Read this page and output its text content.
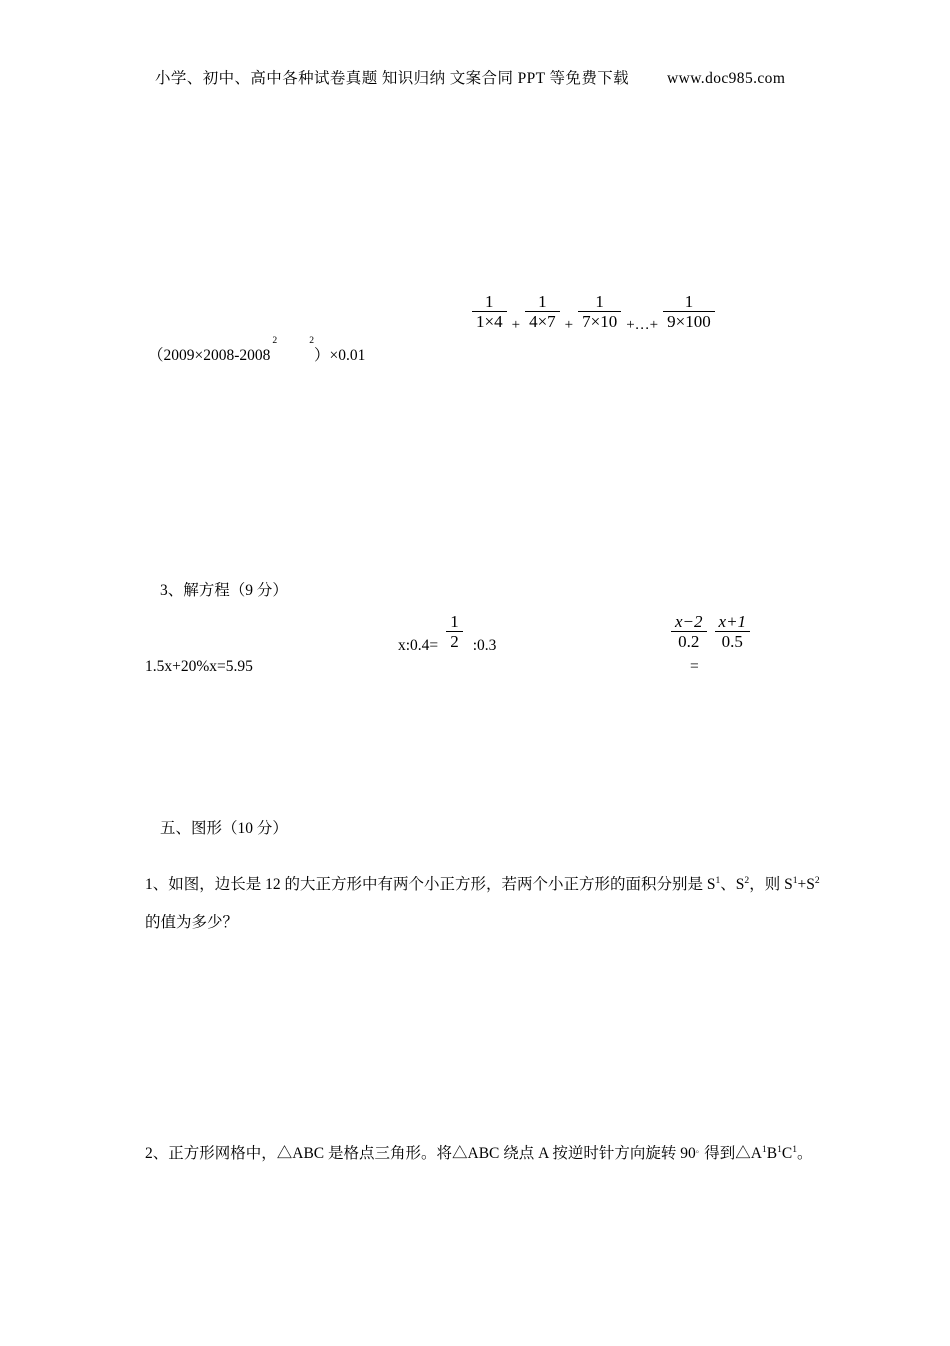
小学、初中、高中各种试卷真题 知识归纳 文案合同 PPT 等免费下载 www.doc985.com
（$2009\times 2008-2008^2$	$^2$）×0.01
$\frac{1}{1\times 4} + \frac{1}{4\times 7} + \frac{1}{7\times 10}$ +…+ $\frac{1}{9\times 100}$
3、解方程（9 分）
1.5x+20%x=5.95
x:0.4= $\frac{1}{2}$ :0.3	$\frac{x-2}{0.2} \frac{x+1}{0.5}$
=
五、图形（10 分）
1、如图，边长是 12 的大正方形中有两个小正方形，若两个小正方形的面积分别是 $S^1$、$S^2$，则 $S^1+S^2$的值为多少？
2、正方形网格中，△ABC 是格点三角形。将△ABC 绕点 A 按逆时针方向旋转 90。得到$\triangle A^1B^1C^1$。
